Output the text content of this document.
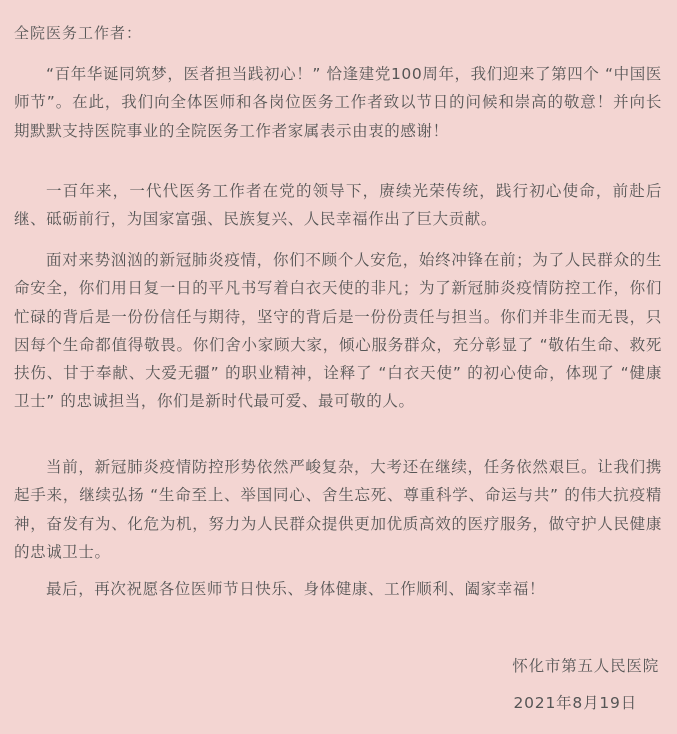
全院医务工作者：

“百年华诞同筑梦，医者担当践初心！” 恰逢建党100周年，我们迎来了第四个 “中国医师节”。在此，我们向全体医师和各岗位医务工作者致以节日的问候和崇高的敬意！并向长期默默支持医院事业的全院医务工作者家属表示由衷的感谢！

一百年来，一代代医务工作者在党的领导下，赓续光荣传统，践行初心使命，前赴后继、砥砺前行，为国家富强、民族复兴、人民幸福作出了巨大贡献。

面对来势汹汹的新冠肺炎疫情，你们不顾个人安危，始终冲锋在前；为了人民群众的生命安全，你们用日复一日的平凡书写着白衣天使的非凡；为了新冠肺炎疫情防控工作，你们忙碌的背后是一份份信任与期待，坚守的背后是一份份责任与担当。你们并非生而无畏，只因每个生命都值得敬畏。你们舍小家顾大家，倾心服务群众，充分彰显了 “敬佑生命、救死扶伤、甘于奉献、大爱无疆” 的职业精神，诠释了 “白衣天使” 的初心使命，体现了 “健康卫士” 的忠诚担当，你们是新时代最可爱、最可敬的人。

当前，新冠肺炎疫情防控形势依然严峻复杂，大考还在继续，任务依然艰巨。让我们携起手来，继续弘扬 “生命至上、举国同心、舍生忘死、尊重科学、命运与共” 的伟大抗疫精神，奋发有为、化危为机，努力为人民群众提供更加优质高效的医疗服务，做守护人民健康的忠诚卫士。

最后，再次祝愿各位医师节日快乐、身体健康、工作顺利、阖家幸福！

怀化市第五人民医院

2021年8月19日
